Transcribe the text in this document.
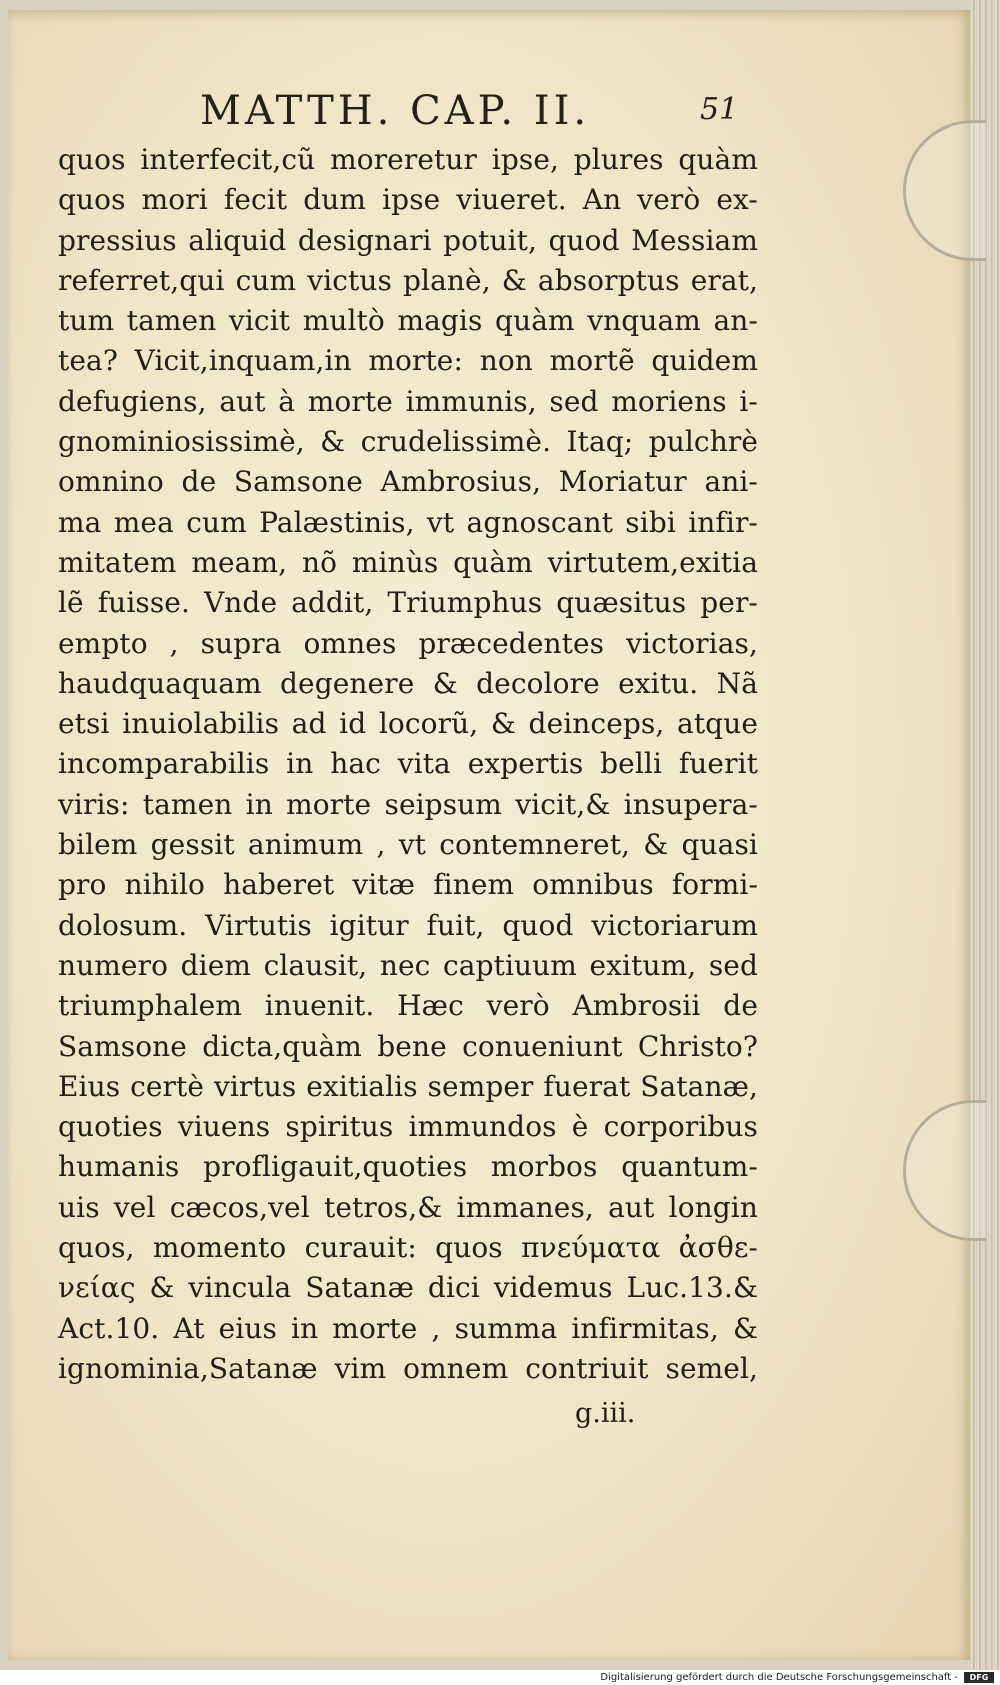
MATTH. CAP. II.	51
quos interfecit,cũ moreretur ipse, plures quàm
quos mori fecit dum ipse viueret. An verò ex-
pressius aliquid designari potuit, quod Messiam
referret,qui cum victus planè, & absorptus erat,
tum tamen vicit multò magis quàm vnquam an-
tea? Vicit,inquam,in morte: non mortẽ quidem
defugiens, aut à morte immunis, sed moriens i-
gnominiosissimè, & crudelissimè. Itaq; pulchrè
omnino de Samsone Ambrosius, Moriatur ani-
ma mea cum Palæstinis, vt agnoscant sibi infir-
mitatem meam, nõ minùs quàm virtutem,exitia
lẽ fuisse. Vnde addit, Triumphus quæsitus per-
empto , supra omnes præcedentes victorias,
haudquaquam degenere & decolore exitu. Nã
etsi inuiolabilis ad id locorũ, & deinceps, atque
incomparabilis in hac vita expertis belli fuerit
viris: tamen in morte seipsum vicit,& insupera-
bilem gessit animum , vt contemneret, & quasi
pro nihilo haberet vitæ finem omnibus formi-
dolosum. Virtutis igitur fuit, quod victoriarum
numero diem clausit, nec captiuum exitum, sed
triumphalem inuenit. Hæc verò Ambrosii de
Samsone dicta,quàm bene conueniunt Christo?
Eius certè virtus exitialis semper fuerat Satanæ,
quoties viuens spiritus immundos è corporibus
humanis profligauit,quoties morbos quantum-
uis vel cæcos,vel tetros,& immanes, aut longin
quos, momento curauit: quos πνεύματα ἀσθε-
νείας & vincula Satanæ dici videmus Luc.13.&
Act.10. At eius in morte , summa infirmitas, &
ignominia,Satanæ vim omnem contriuit semel,
g.iii.
Digitalisierung gefördert durch die Deutsche Forschungsgemeinschaft -	DFG
